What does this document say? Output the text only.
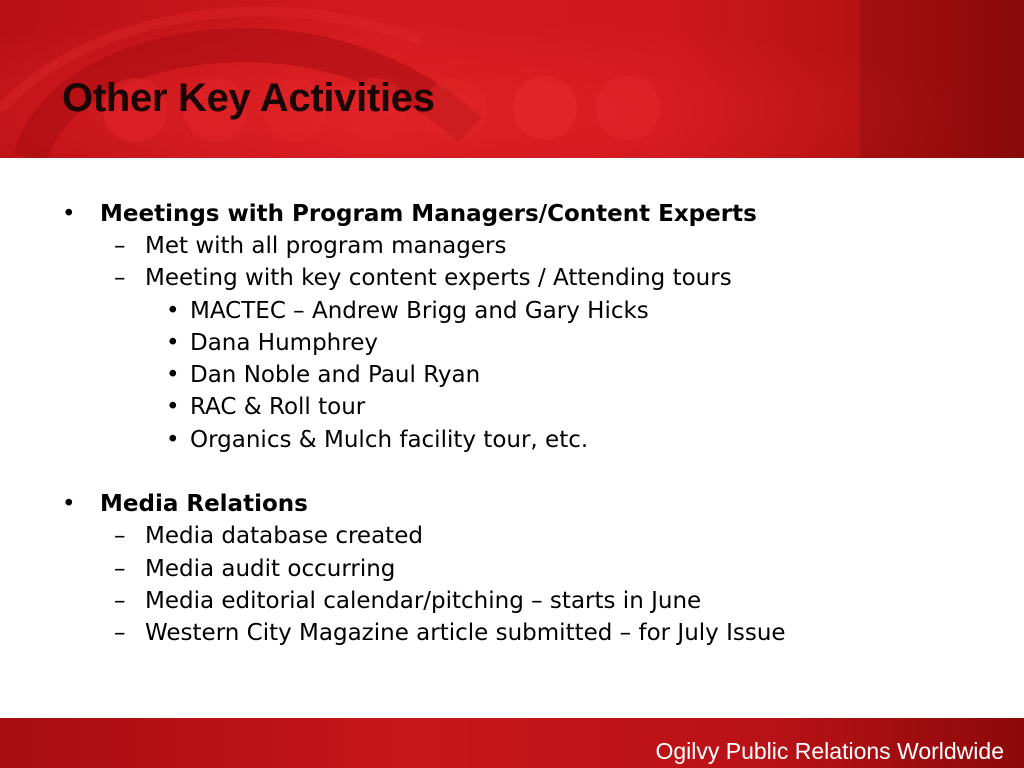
Other Key Activities
• Meetings with Program Managers/Content Experts
– Met with all program managers
– Meeting with key content experts / Attending tours
• MACTEC – Andrew Brigg and Gary Hicks
• Dana Humphrey
• Dan Noble and Paul Ryan
• RAC & Roll tour
• Organics & Mulch facility tour, etc.
• Media Relations
– Media database created
– Media audit occurring
– Media editorial calendar/pitching – starts in June
– Western City Magazine article submitted – for July Issue
Ogilvy Public Relations Worldwide
